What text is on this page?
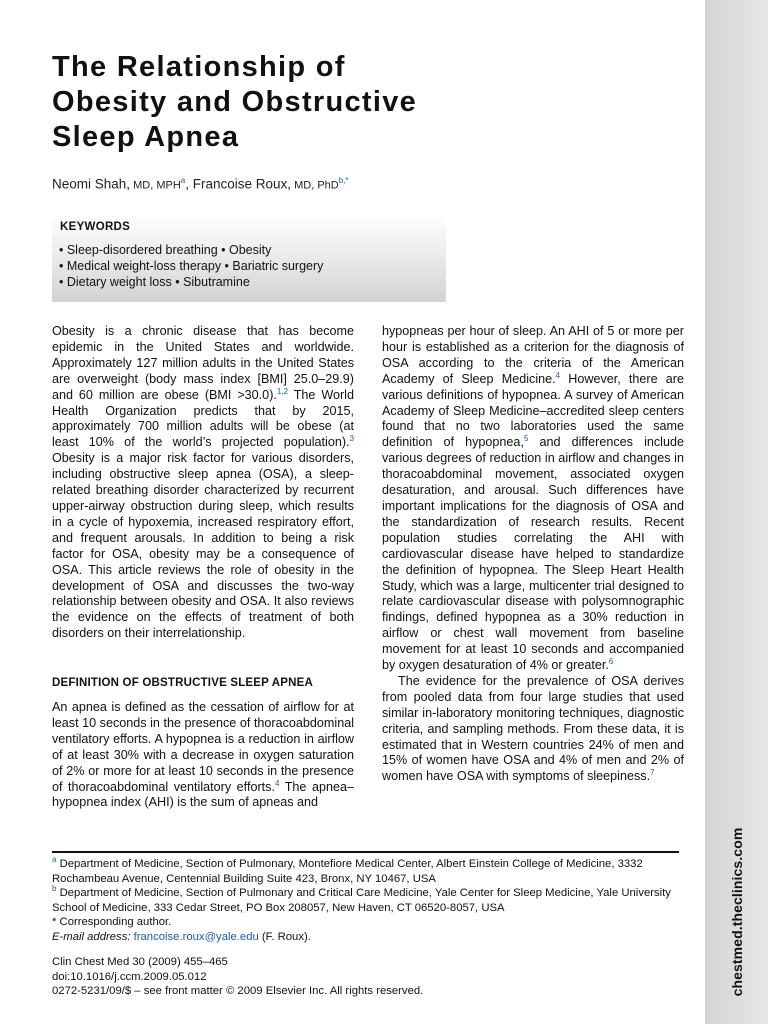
chestmed.theclinics.com
The Relationship of
Obesity and Obstructive
Sleep Apnea
Neomi Shah, MD, MPH$^a$, Francoise Roux, MD, PhD$^{b,*}$
KEYWORDS
• Sleep-disordered breathing • Obesity
• Medical weight-loss therapy • Bariatric surgery
• Dietary weight loss • Sibutramine

Obesity is a chronic disease that has become epidemic in the United States and worldwide. Approximately 127 million adults in the United States are overweight (body mass index [BMI] 25.0–29.9) and 60 million are obese (BMI >30.0).$^{1,2}$ The World Health Organization predicts that by 2015, approximately 700 million adults will be obese (at least 10% of the world’s projected population).$^3$ Obesity is a major risk factor for various disorders, including obstructive sleep apnea (OSA), a sleep-related breathing disorder characterized by recurrent upper-airway obstruction during sleep, which results in a cycle of hypoxemia, increased respiratory effort, and frequent arousals. In addition to being a risk factor for OSA, obesity may be a consequence of OSA. This article reviews the role of obesity in the development of OSA and discusses the two-way relationship between obesity and OSA. It also reviews the evidence on the effects of treatment of both disorders on their interrelationship.

DEFINITION OF OBSTRUCTIVE SLEEP APNEA

An apnea is defined as the cessation of airflow for at least 10 seconds in the presence of thoracoabdominal ventilatory efforts. A hypopnea is a reduction in airflow of at least 30% with a decrease in oxygen saturation of 2% or more for at least 10 seconds in the presence of thoracoabdominal ventilatory efforts.$^4$ The apnea–hypopnea index (AHI) is the sum of apneas and

hypopneas per hour of sleep. An AHI of 5 or more per hour is established as a criterion for the diagnosis of OSA according to the criteria of the American Academy of Sleep Medicine.$^4$ However, there are various definitions of hypopnea. A survey of American Academy of Sleep Medicine–accredited sleep centers found that no two laboratories used the same definition of hypopnea,$^5$ and differences include various degrees of reduction in airflow and changes in thoracoabdominal movement, associated oxygen desaturation, and arousal. Such differences have important implications for the diagnosis of OSA and the standardization of research results. Recent population studies correlating the AHI with cardiovascular disease have helped to standardize the definition of hypopnea. The Sleep Heart Health Study, which was a large, multicenter trial designed to relate cardiovascular disease with polysomnographic findings, defined hypopnea as a 30% reduction in airflow or chest wall movement from baseline movement for at least 10 seconds and accompanied by oxygen desaturation of 4% or greater.$^6$

The evidence for the prevalence of OSA derives from pooled data from four large studies that used similar in-laboratory monitoring techniques, diagnostic criteria, and sampling methods. From these data, it is estimated that in Western countries 24% of men and 15% of women have OSA and 4% of men and 2% of women have OSA with symptoms of sleepiness.$^7$

$^a$ Department of Medicine, Section of Pulmonary, Montefiore Medical Center, Albert Einstein College of Medicine, 3332 Rochambeau Avenue, Centennial Building Suite 423, Bronx, NY 10467, USA

$^b$ Department of Medicine, Section of Pulmonary and Critical Care Medicine, Yale Center for Sleep Medicine, Yale University School of Medicine, 333 Cedar Street, PO Box 208057, New Haven, CT 06520-8057, USA

* Corresponding author.

E-mail address: francoise.roux@yale.edu (F. Roux).

Clin Chest Med 30 (2009) 455–465

doi:10.1016/j.ccm.2009.05.012

0272-5231/09/$ – see front matter © 2009 Elsevier Inc. All rights reserved.
